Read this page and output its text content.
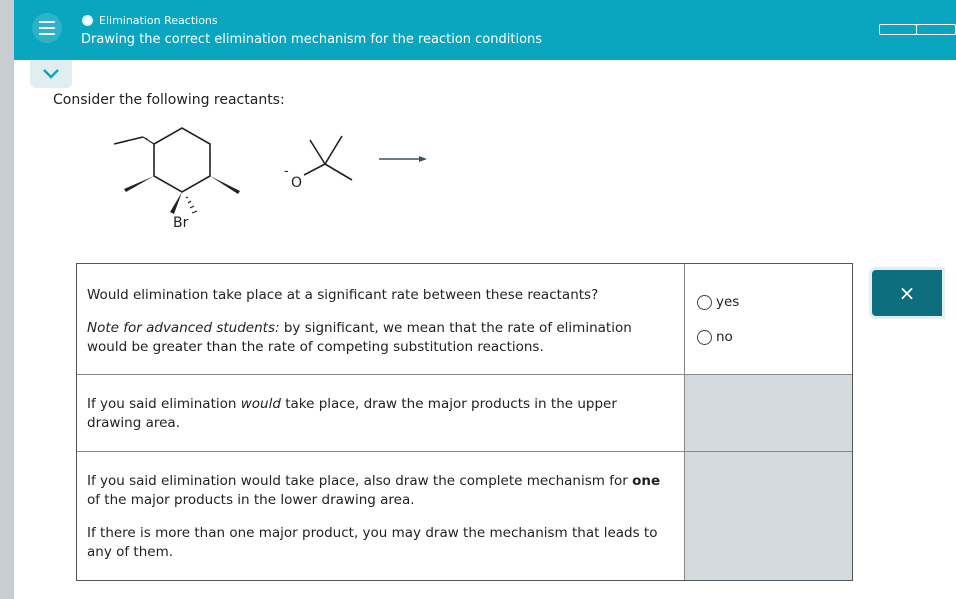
Elimination Reactions
Drawing the correct elimination mechanism for the reaction conditions
Consider the following reactants:
Br
-
O

Would elimination take place at a significant rate between these reactants?

Note for advanced students: by significant, we mean that the rate of elimination would be greater than the rate of competing substitution reactions.

yes
no

If you said elimination would take place, draw the major products in the upper drawing area.

If you said elimination would take place, also draw the complete mechanism for one of the major products in the lower drawing area.

If there is more than one major product, you may draw the mechanism that leads to any of them.

×
